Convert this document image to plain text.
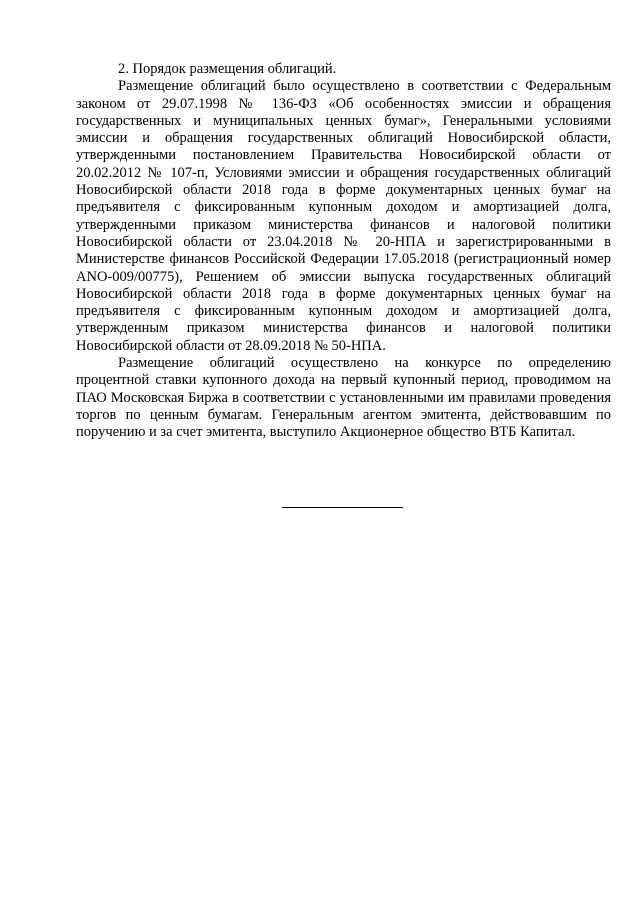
2. Порядок размещения облигаций.

Размещение облигаций было осуществлено в соответствии с Федеральным законом от 29.07.1998 № 136-ФЗ «Об особенностях эмиссии и обращения государственных и муниципальных ценных бумаг», Генеральными условиями эмиссии и обращения государственных облигаций Новосибирской области, утвержденными постановлением Правительства Новосибирской области от 20.02.2012 № 107-п, Условиями эмиссии и обращения государственных облигаций Новосибирской области 2018 года в форме документарных ценных бумаг на предъявителя с фиксированным купонным доходом и амортизацией долга, утвержденными приказом министерства финансов и налоговой политики Новосибирской области от 23.04.2018 № 20-НПА и зарегистрированными в Министерстве финансов Российской Федерации 17.05.2018 (регистрационный номер ANO-009/00775), Решением об эмиссии выпуска государственных облигаций Новосибирской области 2018 года в форме документарных ценных бумаг на предъявителя с фиксированным купонным доходом и амортизацией долга, утвержденным приказом министерства финансов и налоговой политики Новосибирской области от 28.09.2018 № 50-НПА.

Размещение облигаций осуществлено на конкурсе по определению процентной ставки купонного дохода на первый купонный период, проводимом на ПАО Московская Биржа в соответствии с установленными им правилами проведения торгов по ценным бумагам. Генеральным агентом эмитента, действовавшим по поручению и за счет эмитента, выступило Акционерное общество ВТБ Капитал.
